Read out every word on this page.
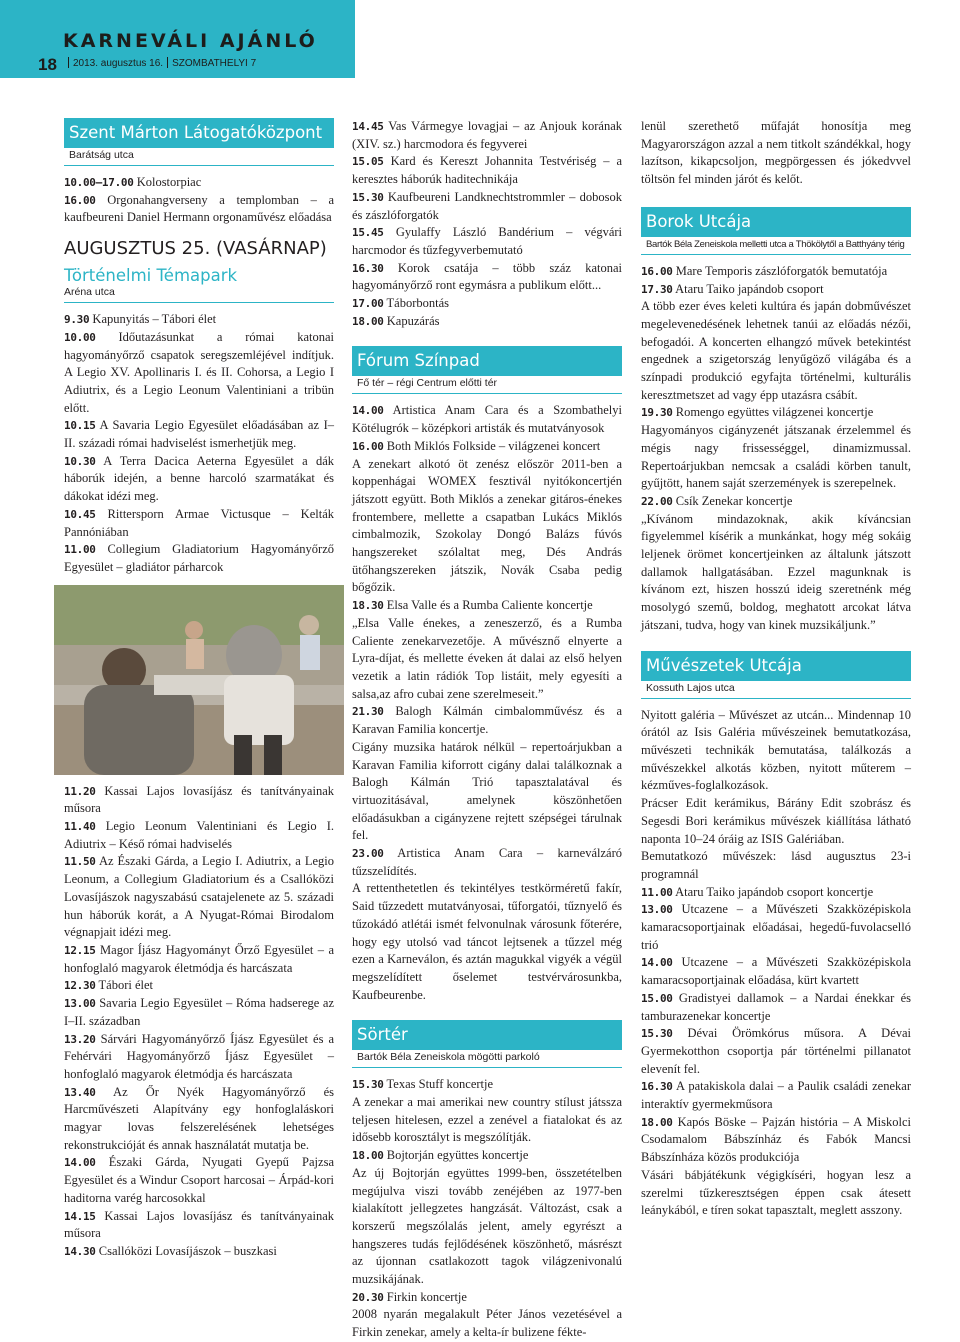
KARNEVÁLI AJÁNLÓ
18	2013. augusztus 16. SZOMBATHELYI 7
Szent Márton Látogatóközpont
Barátság utca

10.00–17.00 Kolostorpiac

16.00 Orgonahangverseny a templomban – a kaufbeureni Daniel Hermann orgonaművész előadása

AUGUSZTUS 25. (VASÁRNAP)
Történelmi Témapark
Aréna utca

9.30 Kapunyitás – Tábori élet

10.00 Időutazásunkat a római katonai hagyományőrző csapatok seregszemléjével indítjuk. A Legio XV. Apollinaris I. és II. Cohorsa, a Legio I Adiutrix, és a Legio Leonum Valentiniani a tribün előtt.

10.15 A Savaria Legio Egyesület előadásában az I–II. századi római hadviselést ismerhetjük meg.

10.30 A Terra Dacica Aeterna Egyesület a dák háborúk idején, a benne harcoló szarmatákat és dákokat idézi meg.

10.45 Rittersporn Armae Victusque – Kelták Pannóniában

11.00 Collegium Gladiatorium Hagyományőrző Egyesület – gladiátor párharcok

11.20 Kassai Lajos lovasíjász és tanítványainak műsora

11.40 Legio Leonum Valentiniani és Legio I. Adiutrix – Késő római hadviselés

11.50 Az Északi Gárda, a Legio I. Adiutrix, a Legio Leonum, a Collegium Gladiatorium és a Csallóközi Lovasíjászok nagyszabású csatajelenete az 5. századi hun háborúk korát, a A Nyugat-Római Birodalom végnapjait idézi meg.

12.15 Magor Íjász Hagyományt Őrző Egyesület – a honfoglaló magyarok életmódja és harcászata

12.30 Tábori élet

13.00 Savaria Legio Egyesület – Róma hadserege az I–II. században

13.20 Sárvári Hagyományőrző Íjász Egyesület és a Fehérvári Hagyományőrző Íjász Egyesület – honfoglaló magyarok életmódja és harcászata

13.40 Az Őr Nyék Hagyományőrző és Harcművészeti Alapítvány egy honfoglaláskori magyar lovas felszerelésének lehetséges rekonstrukcióját és annak használatát mutatja be.

14.00 Északi Gárda, Nyugati Gyepű Pajzsa Egyesület és a Windur Csoport harcosai – Árpád-kori haditorna varég harcosokkal

14.15 Kassai Lajos lovasíjász és tanítványainak műsora

14.30 Csallóközi Lovasíjászok – buszkasi

14.45 Vas Vármegye lovagjai – az Anjouk korának (XIV. sz.) harcmodora és fegyverei

15.05 Kard és Kereszt Johannita Testvériség – a keresztes háborúk haditechnikája

15.30 Kaufbeureni Landknechtstrommler – dobosok és zászlóforgatók

15.45 Gyulaffy László Bandérium – végvári harcmodor és tűzfegyverbemutató

16.30 Korok csatája – több száz katonai hagyományőrző ront egymásra a publikum előtt...

17.00 Táborbontás

18.00 Kapuzárás

Fórum Színpad
Fő tér – régi Centrum előtti tér

14.00 Artistica Anam Cara és a Szombathelyi Kötélugrók – középkori artisták és mutatványosok

16.00 Both Miklós Folkside – világzenei koncert

A zenekart alkotó öt zenész először 2011-ben a koppenhágai WOMEX fesztivál nyitókoncertjén játszott együtt. Both Miklós a zenekar gitáros-énekes frontembere, mellette a csapatban Lukács Miklós cimbalmozik, Szokolay Dongó Balázs fúvós hangszereket szólaltat meg, Dés András ütőhangszereken játszik, Novák Csaba pedig bőgőzik.

18.30 Elsa Valle és a Rumba Caliente koncertje

„Elsa Valle énekes, a zeneszerző, és a Rumba Caliente zenekarvezetője. A művésznő elnyerte a Lyra-díjat, és mellette éveken át dalai az első helyen vezetik a latin rádiók Top listáit, mely egyesíti a salsa,az afro cubai zene szerelmeseit.”

21.30 Balogh Kálmán cimbalomművész és a Karavan Familia koncertje.

Cigány muzsika határok nélkül – repertoárjukban a Karavan Familia kiforrott cigány dalai találkoznak a Balogh Kálmán Trió tapasztalatával és virtuozitásával, amelynek köszönhetően előadásukban a cigányzene rejtett szépségei tárulnak fel.

23.00 Artistica Anam Cara – karneválzáró tűzszelídítés.

A rettenthetetlen és tekintélyes testkörméretű fakír, Said tűzzedett mutatványosai, tűforgatói, tűznyelő és tűzokádó atlétái ismét felvonulnak városunk főterére, hogy egy utolsó vad táncot lejtsenek a tűzzel még ezen a Karneválon, és aztán magukkal vigyék a végül megszelídített őselemet testvérvárosunkba, Kaufbeurenbe.

Sörtér
Bartók Béla Zeneiskola mögötti parkoló

15.30 Texas Stuff koncertje

A zenekar a mai amerikai new country stílust játssza teljesen hitelesen, ezzel a zenével a fiatalokat és az idősebb korosztályt is megszólítják.

18.00 Bojtorján együttes koncertje

Az új Bojtorján együttes 1999-ben, összetételben megújulva viszi tovább zenéjében az 1977-ben kialakított jellegzetes hangzását. Változást, csak a korszerű megszólalás jelent, amely egyrészt a hangszeres tudás fejlődésének köszönhető, másrészt az újonnan csatlakozott tagok világzenivonalú muzsikájának.

20.30 Firkin koncertje

2008 nyarán megalakult Péter János vezetésével a Firkin zenekar, amely a kelta-ír bulizene fékte-

lenül szerethető műfaját honosítja meg Magyarországon azzal a nem titkolt szándékkal, hogy lazítson, kikapcsoljon, megpörgessen és jókedvvel töltsön fel minden járót és kelőt.

Borok Utcája
Bartók Béla Zeneiskola melletti utca a Thökölytől a Batthyány térig

16.00 Mare Temporis zászlóforgatók bemutatója

17.30 Ataru Taiko japándob csoport

A több ezer éves keleti kultúra és japán dobművészet megelevenedésének lehetnek tanúi az előadás nézői, befogadói. A koncerten elhangzó művek betekintést engednek a szigetország lenyűgöző világába és a színpadi produkció egyfajta történelmi, kulturális keresztmetszet ad vagy épp utazásra csábít.

19.30 Romengo együttes világzenei koncertje

Hagyományos cigányzenét játszanak érzelemmel és mégis nagy frissességgel, dinamizmussal. Repertoárjukban nemcsak a családi körben tanult, gyűjtött, hanem saját szerzemények is szerepelnek.

22.00 Csík Zenekar koncertje

„Kívánom mindazoknak, akik kíváncsian figyelemmel kísérik a munkánkat, hogy még sokáig leljenek örömet koncertjeinken az általunk játszott dallamok hallgatásában. Ezzel magunknak is kívánom ezt, hiszen hosszú ideig szeretnénk még mosolygó szemű, boldog, meghatott arcokat látva játszani, tudva, hogy van kinek muzsikáljunk.”

Művészetek Utcája
Kossuth Lajos utca

Nyitott galéria – Művészet az utcán... Mindennap 10 órától az Isis Galéria művészeinek bemutatkozása, művészeti technikák bemutatása, találkozás a művészekkel alkotás közben, nyitott műterem – kézműves-foglalkozások.

Prácser Edit kerámikus, Bárány Edit szobrász és Segesdi Bori kerámikus művészek kiállítása látható naponta 10–24 óráig az ISIS Galériában.

Bemutatkozó művészek: lásd augusztus 23-i programnál

11.00 Ataru Taiko japándob csoport koncertje

13.00 Utcazene – a Művészeti Szakközépiskola kamaracsoportjainak előadásai, hegedű-fuvolacselló trió

14.00 Utcazene – a Művészeti Szakközépiskola kamaracsoportjainak előadása, kürt kvartett

15.00 Gradistyei dallamok – a Nardai énekkar és tamburazenekar koncertje

15.30 Dévai Örömkórus műsora. A Dévai Gyermekotthon csoportja pár történelmi pillanatot elevenít fel.

16.30 A patakiskola dalai – a Paulik családi zenekar interaktív gyermekműsora

18.00 Kapós Böske – Pajzán história – A Miskolci Csodamalom Bábszínház és Fabók Mancsi Bábszínháza közös produkciója

Vásári bábjátékunk végigkíséri, hogyan lesz a szerelmi tűzkeresztségen éppen csak átesett leánykából, e tíren sokat tapasztalt, meglett asszony.
